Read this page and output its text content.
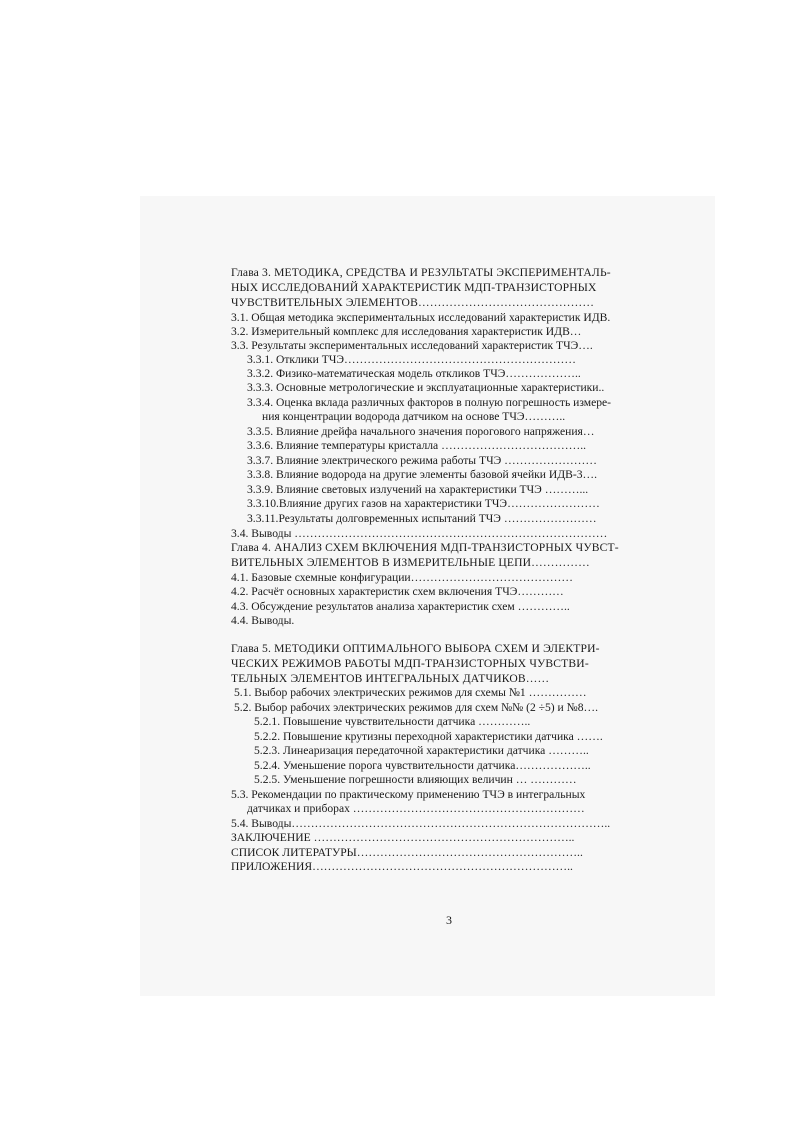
Глава 3. МЕТОДИКА, СРЕДСТВА И РЕЗУЛЬТАТЫ ЭКСПЕРИМЕНТАЛЬ-
НЫХ ИССЛЕДОВАНИЙ ХАРАКТЕРИСТИК МДП-ТРАНЗИСТОРНЫХ
ЧУВСТВИТЕЛЬНЫХ ЭЛЕМЕНТОВ………………………………………
3.1. Общая методика экспериментальных исследований характеристик ИДВ.
3.2. Измерительный комплекс для исследования характеристик ИДВ…
3.3. Результаты экспериментальных исследований характеристик ТЧЭ….
3.3.1. Отклики ТЧЭ……………………………………………………
3.3.2. Физико-математическая модель откликов ТЧЭ………………..
3.3.3. Основные метрологические и эксплуатационные характеристики..
3.3.4. Оценка вклада различных факторов в полную погрешность измере-
ния концентрации водорода датчиком на основе ТЧЭ………..
3.3.5. Влияние дрейфа начального значения порогового напряжения…
3.3.6. Влияние температуры кристалла ………………………………..
3.3.7. Влияние электрического режима работы ТЧЭ ……………………
3.3.8. Влияние водорода на другие элементы базовой ячейки ИДВ-3….
3.3.9. Влияние световых излучений на характеристики ТЧЭ ………...
3.3.10.Влияние других газов на характеристики ТЧЭ……………………
3.3.11.Результаты долговременных испытаний ТЧЭ ……………………
3.4. Выводы ………………………………………………………………………
Глава 4. АНАЛИЗ СХЕМ ВКЛЮЧЕНИЯ МДП-ТРАНЗИСТОРНЫХ ЧУВСТ-
ВИТЕЛЬНЫХ ЭЛЕМЕНТОВ В ИЗМЕРИТЕЛЬНЫЕ ЦЕПИ……………
4.1. Базовые схемные конфигурации……………………………………
4.2. Расчёт основных характеристик схем включения ТЧЭ…………
4.3. Обсуждение результатов анализа характеристик схем …………..
4.4. Выводы.
Глава 5. МЕТОДИКИ ОПТИМАЛЬНОГО ВЫБОРА СХЕМ И ЭЛЕКТРИ-
ЧЕСКИХ РЕЖИМОВ РАБОТЫ МДП-ТРАНЗИСТОРНЫХ ЧУВСТВИ-
ТЕЛЬНЫХ ЭЛЕМЕНТОВ ИНТЕГРАЛЬНЫХ ДАТЧИКОВ……
5.1. Выбор рабочих электрических режимов для схемы №1 ……………
5.2. Выбор рабочих электрических режимов для схем №№ (2 ÷5) и №8….
5.2.1. Повышение чувствительности датчика …………..
5.2.2. Повышение крутизны переходной характеристики датчика …….
5.2.3. Линеаризация передаточной характеристики датчика ………..
5.2.4. Уменьшение порога чувствительности датчика………………..
5.2.5. Уменьшение погрешности влияющих величин … …………
5.3. Рекомендации по практическому применению ТЧЭ в интегральных
датчиках и приборах ……………………………………………………
5.4. Выводы………………………………………………………………………..
ЗАКЛЮЧЕНИЕ …………………………………………………………..
СПИСОК ЛИТЕРАТУРЫ…………………………………………………..
ПРИЛОЖЕНИЯ…………………………………………………………..
3
